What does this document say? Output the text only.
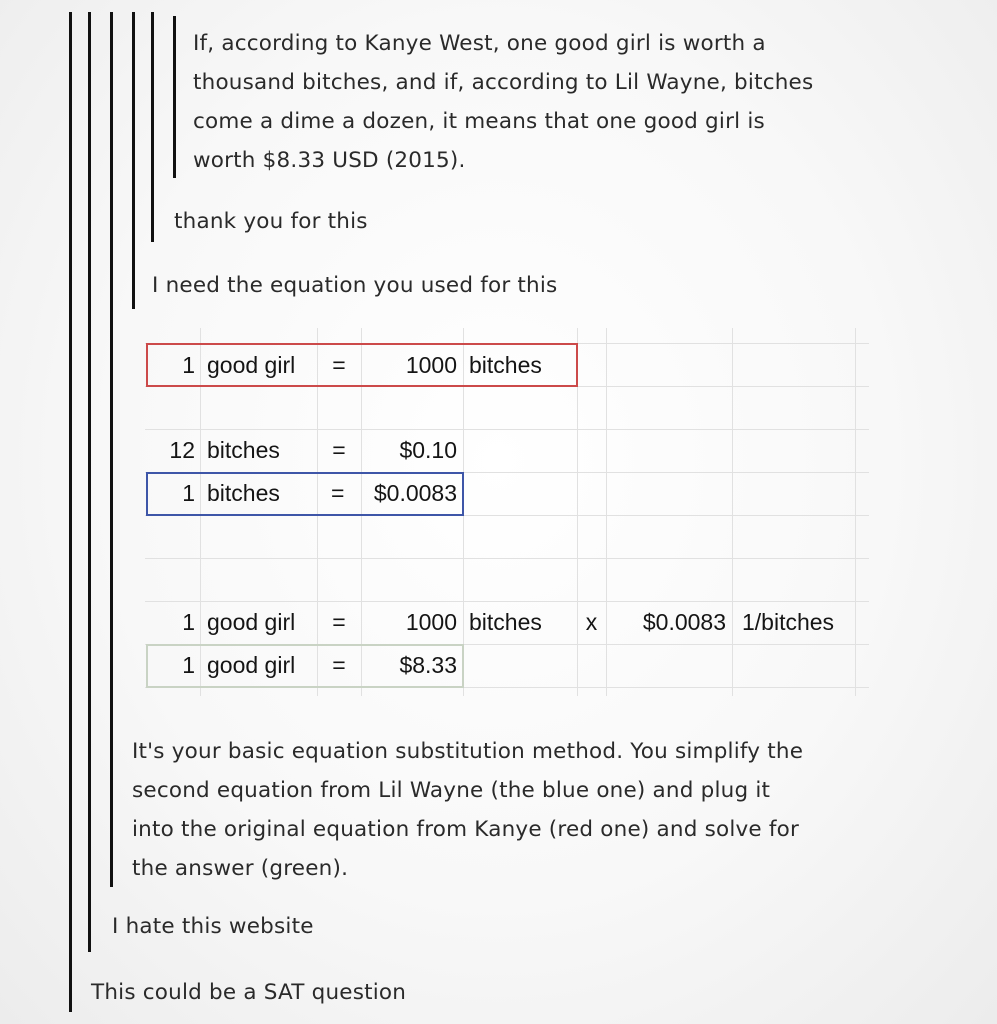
If, according to Kanye West, one good girl is worth a
thousand bitches, and if, according to Lil Wayne, bitches
come a dime a dozen, it means that one good girl is
worth $8.33 USD (2015).
thank you for this
I need the equation you used for this
1 good girl	=	1000 bitches
12 bitches	=	$0.10
1 bitches =	$0.0083
1 good girl	=	1000 bitches	x	$0.0083 1/bitches
1 good girl	=	$8.33
It's your basic equation substitution method. You simplify the
second equation from Lil Wayne (the blue one) and plug it
into the original equation from Kanye (red one) and solve for
the answer (green).
I hate this website
This could be a SAT question
